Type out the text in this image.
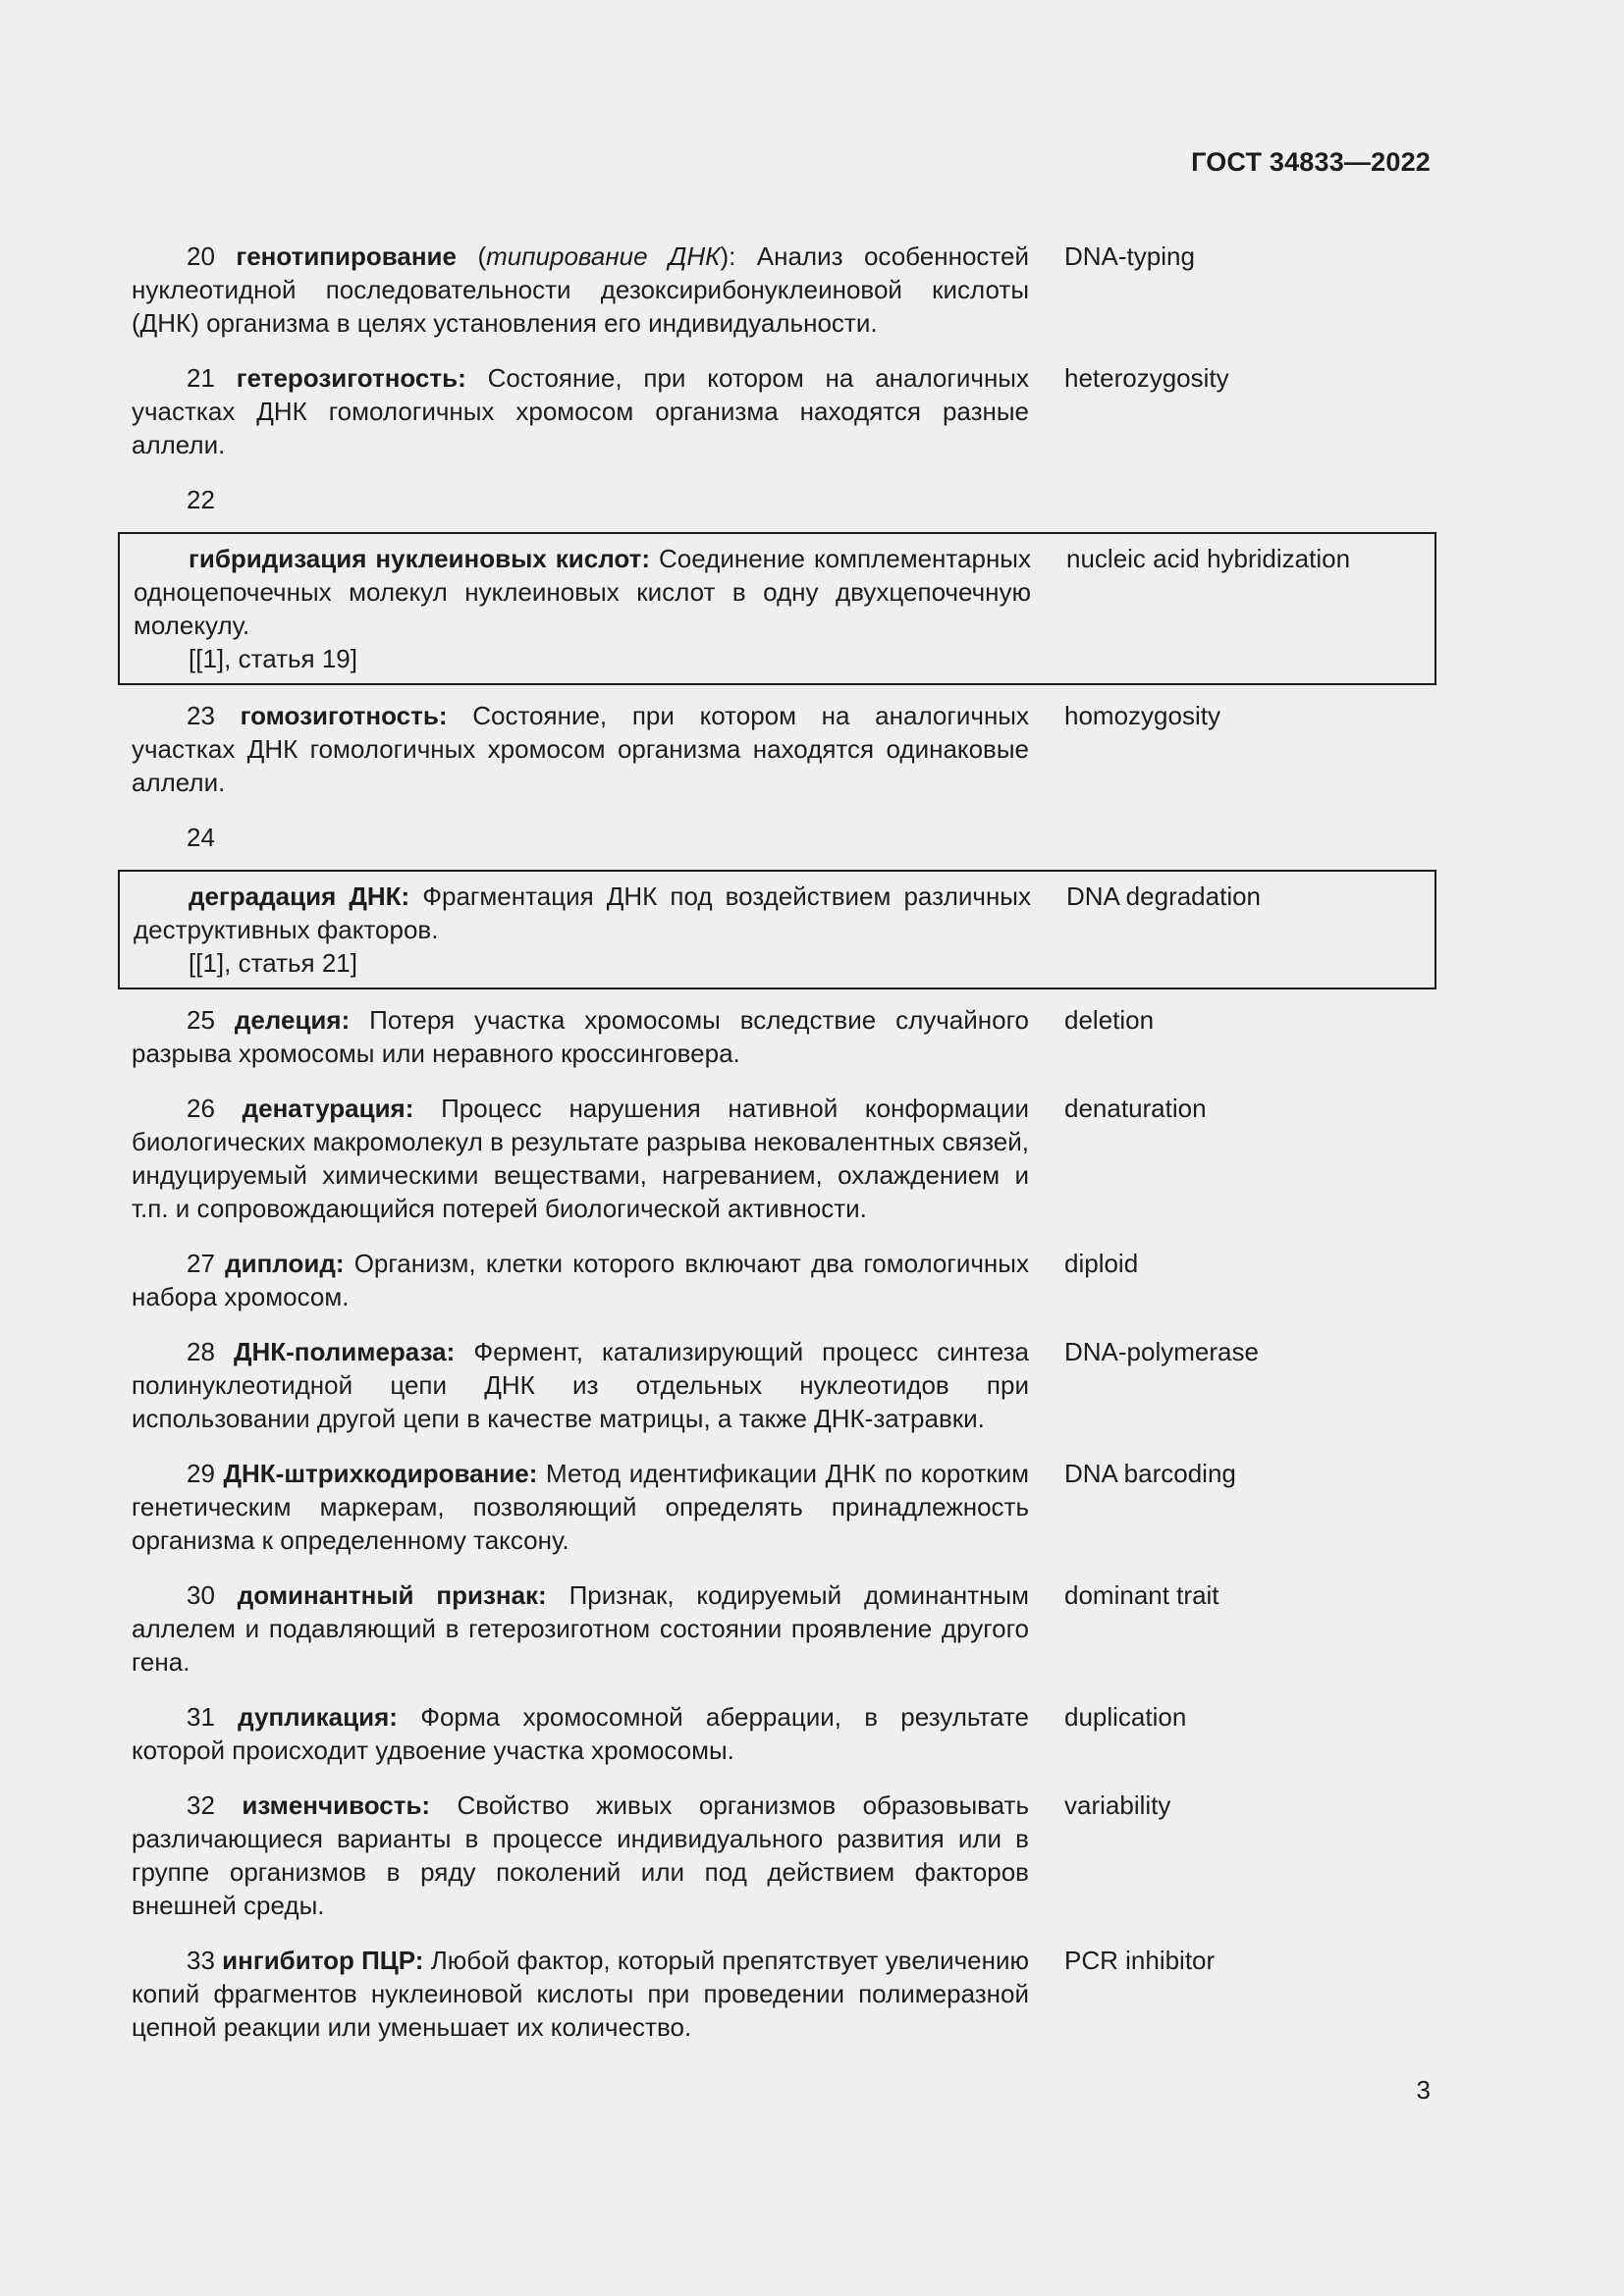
ГОСТ 34833—2022
20 генотипирование (типирование ДНК): Анализ особенностей нуклеотидной последовательности дезоксирибонуклеиновой кислоты (ДНК) организма в целях установления его индивидуальности.
DNA-typing
21 гетерозиготность: Состояние, при котором на аналогичных участках ДНК гомологичных хромосом организма находятся разные аллели.
heterozygosity
22
гибридизация нуклеиновых кислот: Соединение комплементарных одноцепочечных молекул нуклеиновых кислот в одну двухцепочечную молекулу.
nucleic acid hybridization
[[1], статья 19]
23 гомозиготность: Состояние, при котором на аналогичных участках ДНК гомологичных хромосом организма находятся одинаковые аллели.
homozygosity
24
деградация ДНК: Фрагментация ДНК под воздействием различных деструктивных факторов.
DNA degradation
[[1], статья 21]
25 делеция: Потеря участка хромосомы вследствие случайного разрыва хромосомы или неравного кроссинговера.
deletion
26 денатурация: Процесс нарушения нативной конформации биологических макромолекул в результате разрыва нековалентных связей, индуцируемый химическими веществами, нагреванием, охлаждением и т.п. и сопровождающийся потерей биологической активности.
denaturation
27 диплоид: Организм, клетки которого включают два гомологичных набора хромосом.
diploid
28 ДНК-полимераза: Фермент, катализирующий процесс синтеза полинуклеотидной цепи ДНК из отдельных нуклеотидов при использовании другой цепи в качестве матрицы, а также ДНК-затравки.
DNA-polymerase
29 ДНК-штрихкодирование: Метод идентификации ДНК по коротким генетическим маркерам, позволяющий определять принадлежность организма к определенному таксону.
DNA barcoding
30 доминантный признак: Признак, кодируемый доминантным аллелем и подавляющий в гетерозиготном состоянии проявление другого гена.
dominant trait
31 дупликация: Форма хромосомной аберрации, в результате которой происходит удвоение участка хромосомы.
duplication
32 изменчивость: Свойство живых организмов образовывать различающиеся варианты в процессе индивидуального развития или в группе организмов в ряду поколений или под действием факторов внешней среды.
variability
33 ингибитор ПЦР: Любой фактор, который препятствует увеличению копий фрагментов нуклеиновой кислоты при проведении полимеразной цепной реакции или уменьшает их количество.
PCR inhibitor
3
